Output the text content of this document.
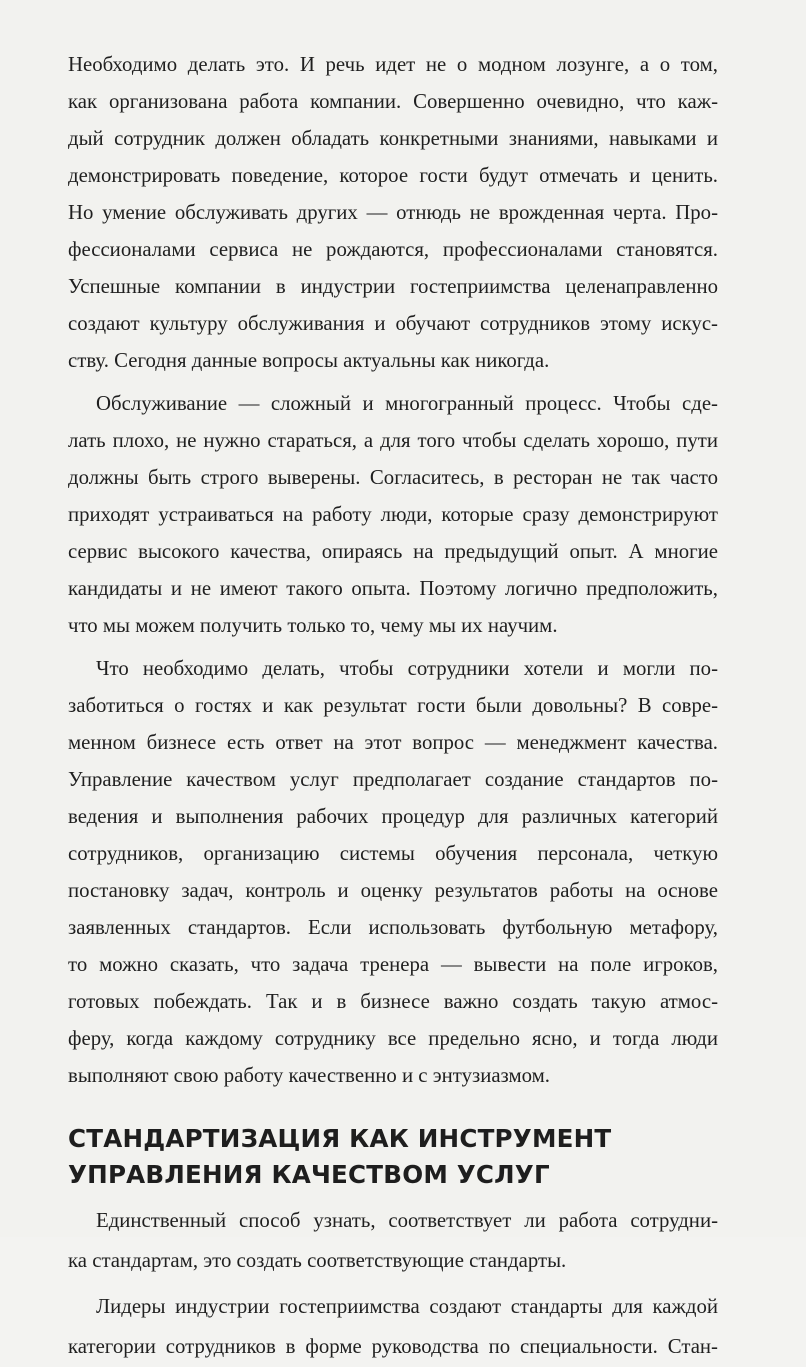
Необходимо делать это. И речь идет не о модном лозунге, а о том,
как организована работа компании. Совершенно очевидно, что каж-
дый сотрудник должен обладать конкретными знаниями, навыками и
демонстрировать поведение, которое гости будут отмечать и ценить.
Но умение обслуживать других — отнюдь не врожденная черта. Про-
фессионалами сервиса не рождаются, профессионалами становятся.
Успешные компании в индустрии гостеприимства целенаправленно
создают культуру обслуживания и обучают сотрудников этому искус-
ству. Сегодня данные вопросы актуальны как никогда.
Обслуживание — сложный и многогранный процесс. Чтобы сде-
лать плохо, не нужно стараться, а для того чтобы сделать хорошо, пути
должны быть строго выверены. Согласитесь, в ресторан не так часто
приходят устраиваться на работу люди, которые сразу демонстрируют
сервис высокого качества, опираясь на предыдущий опыт. А многие
кандидаты и не имеют такого опыта. Поэтому логично предположить,
что мы можем получить только то, чему мы их научим.
Что необходимо делать, чтобы сотрудники хотели и могли по-
заботиться о гостях и как результат гости были довольны? В совре-
менном бизнесе есть ответ на этот вопрос — менеджмент качества.
Управление качеством услуг предполагает создание стандартов по-
ведения и выполнения рабочих процедур для различных категорий
сотрудников, организацию системы обучения персонала, четкую
постановку задач, контроль и оценку результатов работы на основе
заявленных стандартов. Если использовать футбольную метафору,
то можно сказать, что задача тренера — вывести на поле игроков,
готовых побеждать. Так и в бизнесе важно создать такую атмос-
феру, когда каждому сотруднику все предельно ясно, и тогда люди
выполняют свою работу качественно и с энтузиазмом.
СТАНДАРТИЗАЦИЯ КАК ИНСТРУМЕНТ
УПРАВЛЕНИЯ КАЧЕСТВОМ УСЛУГ
Единственный способ узнать, соответствует ли работа сотрудни-
ка стандартам, это создать соответствующие стандарты.
Лидеры индустрии гостеприимства создают стандарты для каждой
категории сотрудников в форме руководства по специальности. Стан-
